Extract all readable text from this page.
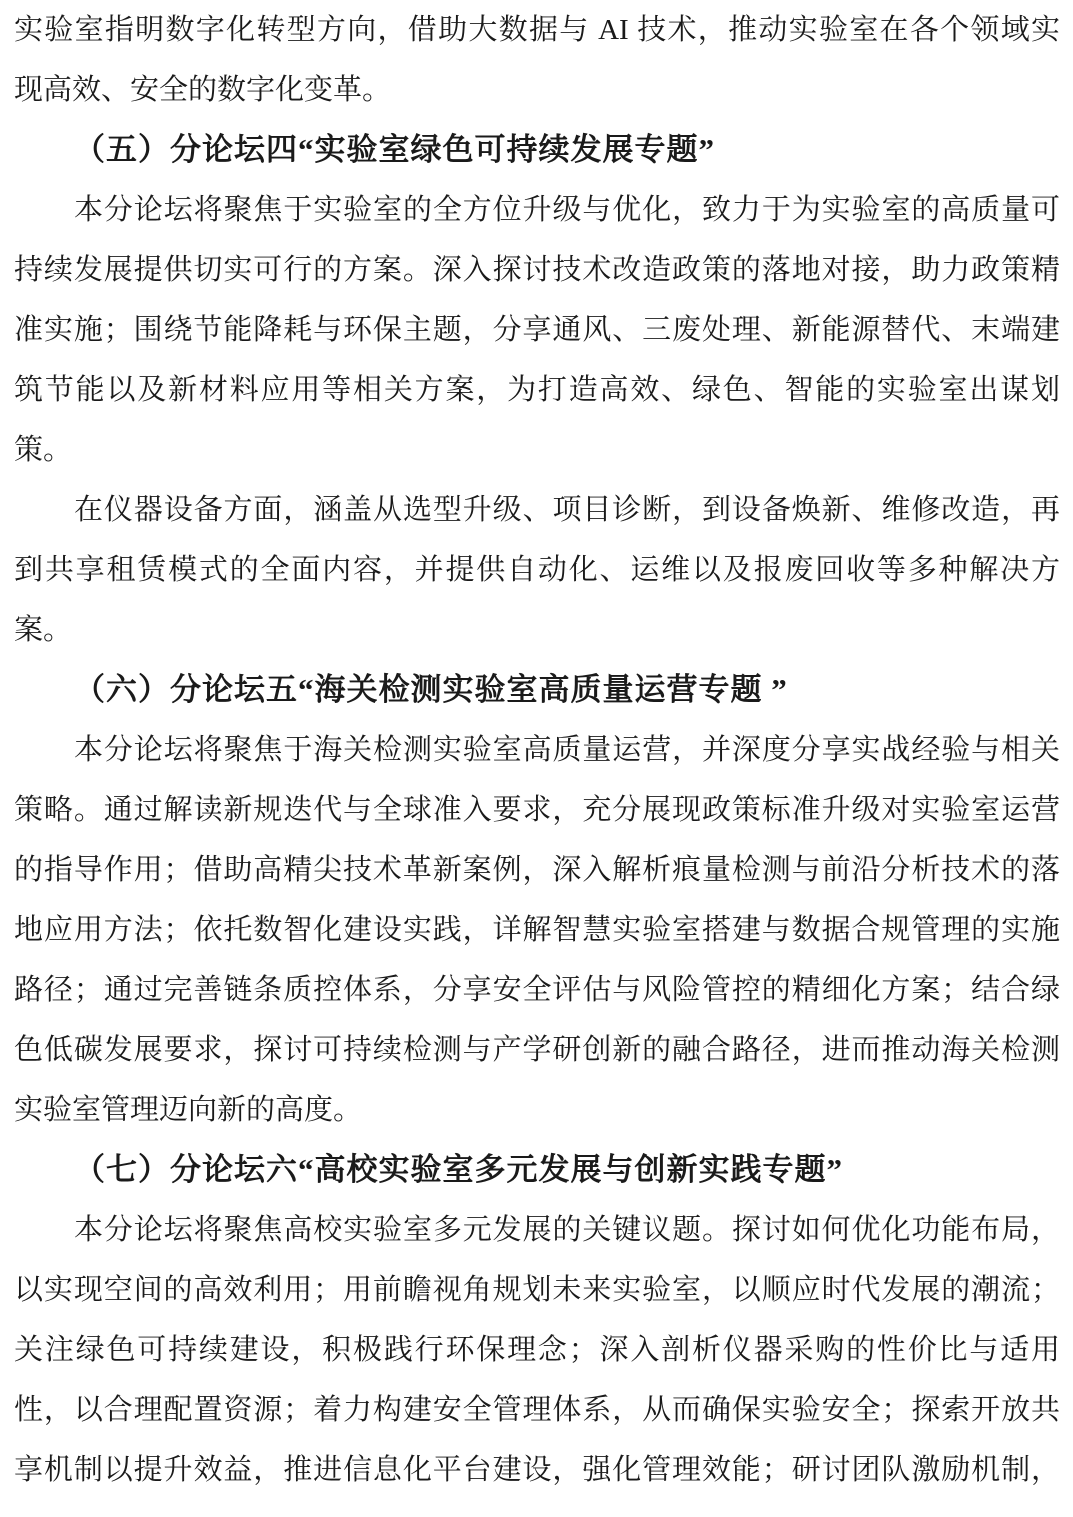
实验室指明数字化转型方向，借助大数据与 AI 技术，推动实验室在各个领域实
现高效、安全的数字化变革。
（五）分论坛四“实验室绿色可持续发展专题”
本分论坛将聚焦于实验室的全方位升级与优化，致力于为实验室的高质量可
持续发展提供切实可行的方案。深入探讨技术改造政策的落地对接，助力政策精
准实施；围绕节能降耗与环保主题，分享通风、三废处理、新能源替代、末端建
筑节能以及新材料应用等相关方案，为打造高效、绿色、智能的实验室出谋划
策。
在仪器设备方面，涵盖从选型升级、项目诊断，到设备焕新、维修改造，再
到共享租赁模式的全面内容，并提供自动化、运维以及报废回收等多种解决方
案。
（六）分论坛五“海关检测实验室高质量运营专题 ”
本分论坛将聚焦于海关检测实验室高质量运营，并深度分享实战经验与相关
策略。通过解读新规迭代与全球准入要求，充分展现政策标准升级对实验室运营
的指导作用；借助高精尖技术革新案例，深入解析痕量检测与前沿分析技术的落
地应用方法；依托数智化建设实践，详解智慧实验室搭建与数据合规管理的实施
路径；通过完善链条质控体系，分享安全评估与风险管控的精细化方案；结合绿
色低碳发展要求，探讨可持续检测与产学研创新的融合路径，进而推动海关检测
实验室管理迈向新的高度。
（七）分论坛六“高校实验室多元发展与创新实践专题”
本分论坛将聚焦高校实验室多元发展的关键议题。探讨如何优化功能布局，
以实现空间的高效利用；用前瞻视角规划未来实验室，以顺应时代发展的潮流；
关注绿色可持续建设，积极践行环保理念；深入剖析仪器采购的性价比与适用
性，以合理配置资源；着力构建安全管理体系，从而确保实验安全；探索开放共
享机制以提升效益，推进信息化平台建设，强化管理效能；研讨团队激励机制，
